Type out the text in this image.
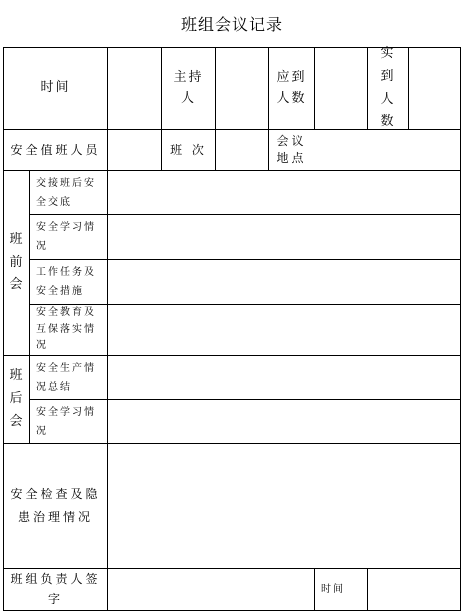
班组会议记录
时间
主持人
应到人数
实到人数
安全值班人员	班 次
会议地点
班前会
交接班后安全交底
安全学习情况
工作任务及安全措施
安全教育及互保落实情况
班后会
安全生产情况总结
安全学习情况
安全检查及隐患治理情况
班组负责人签字
时间
